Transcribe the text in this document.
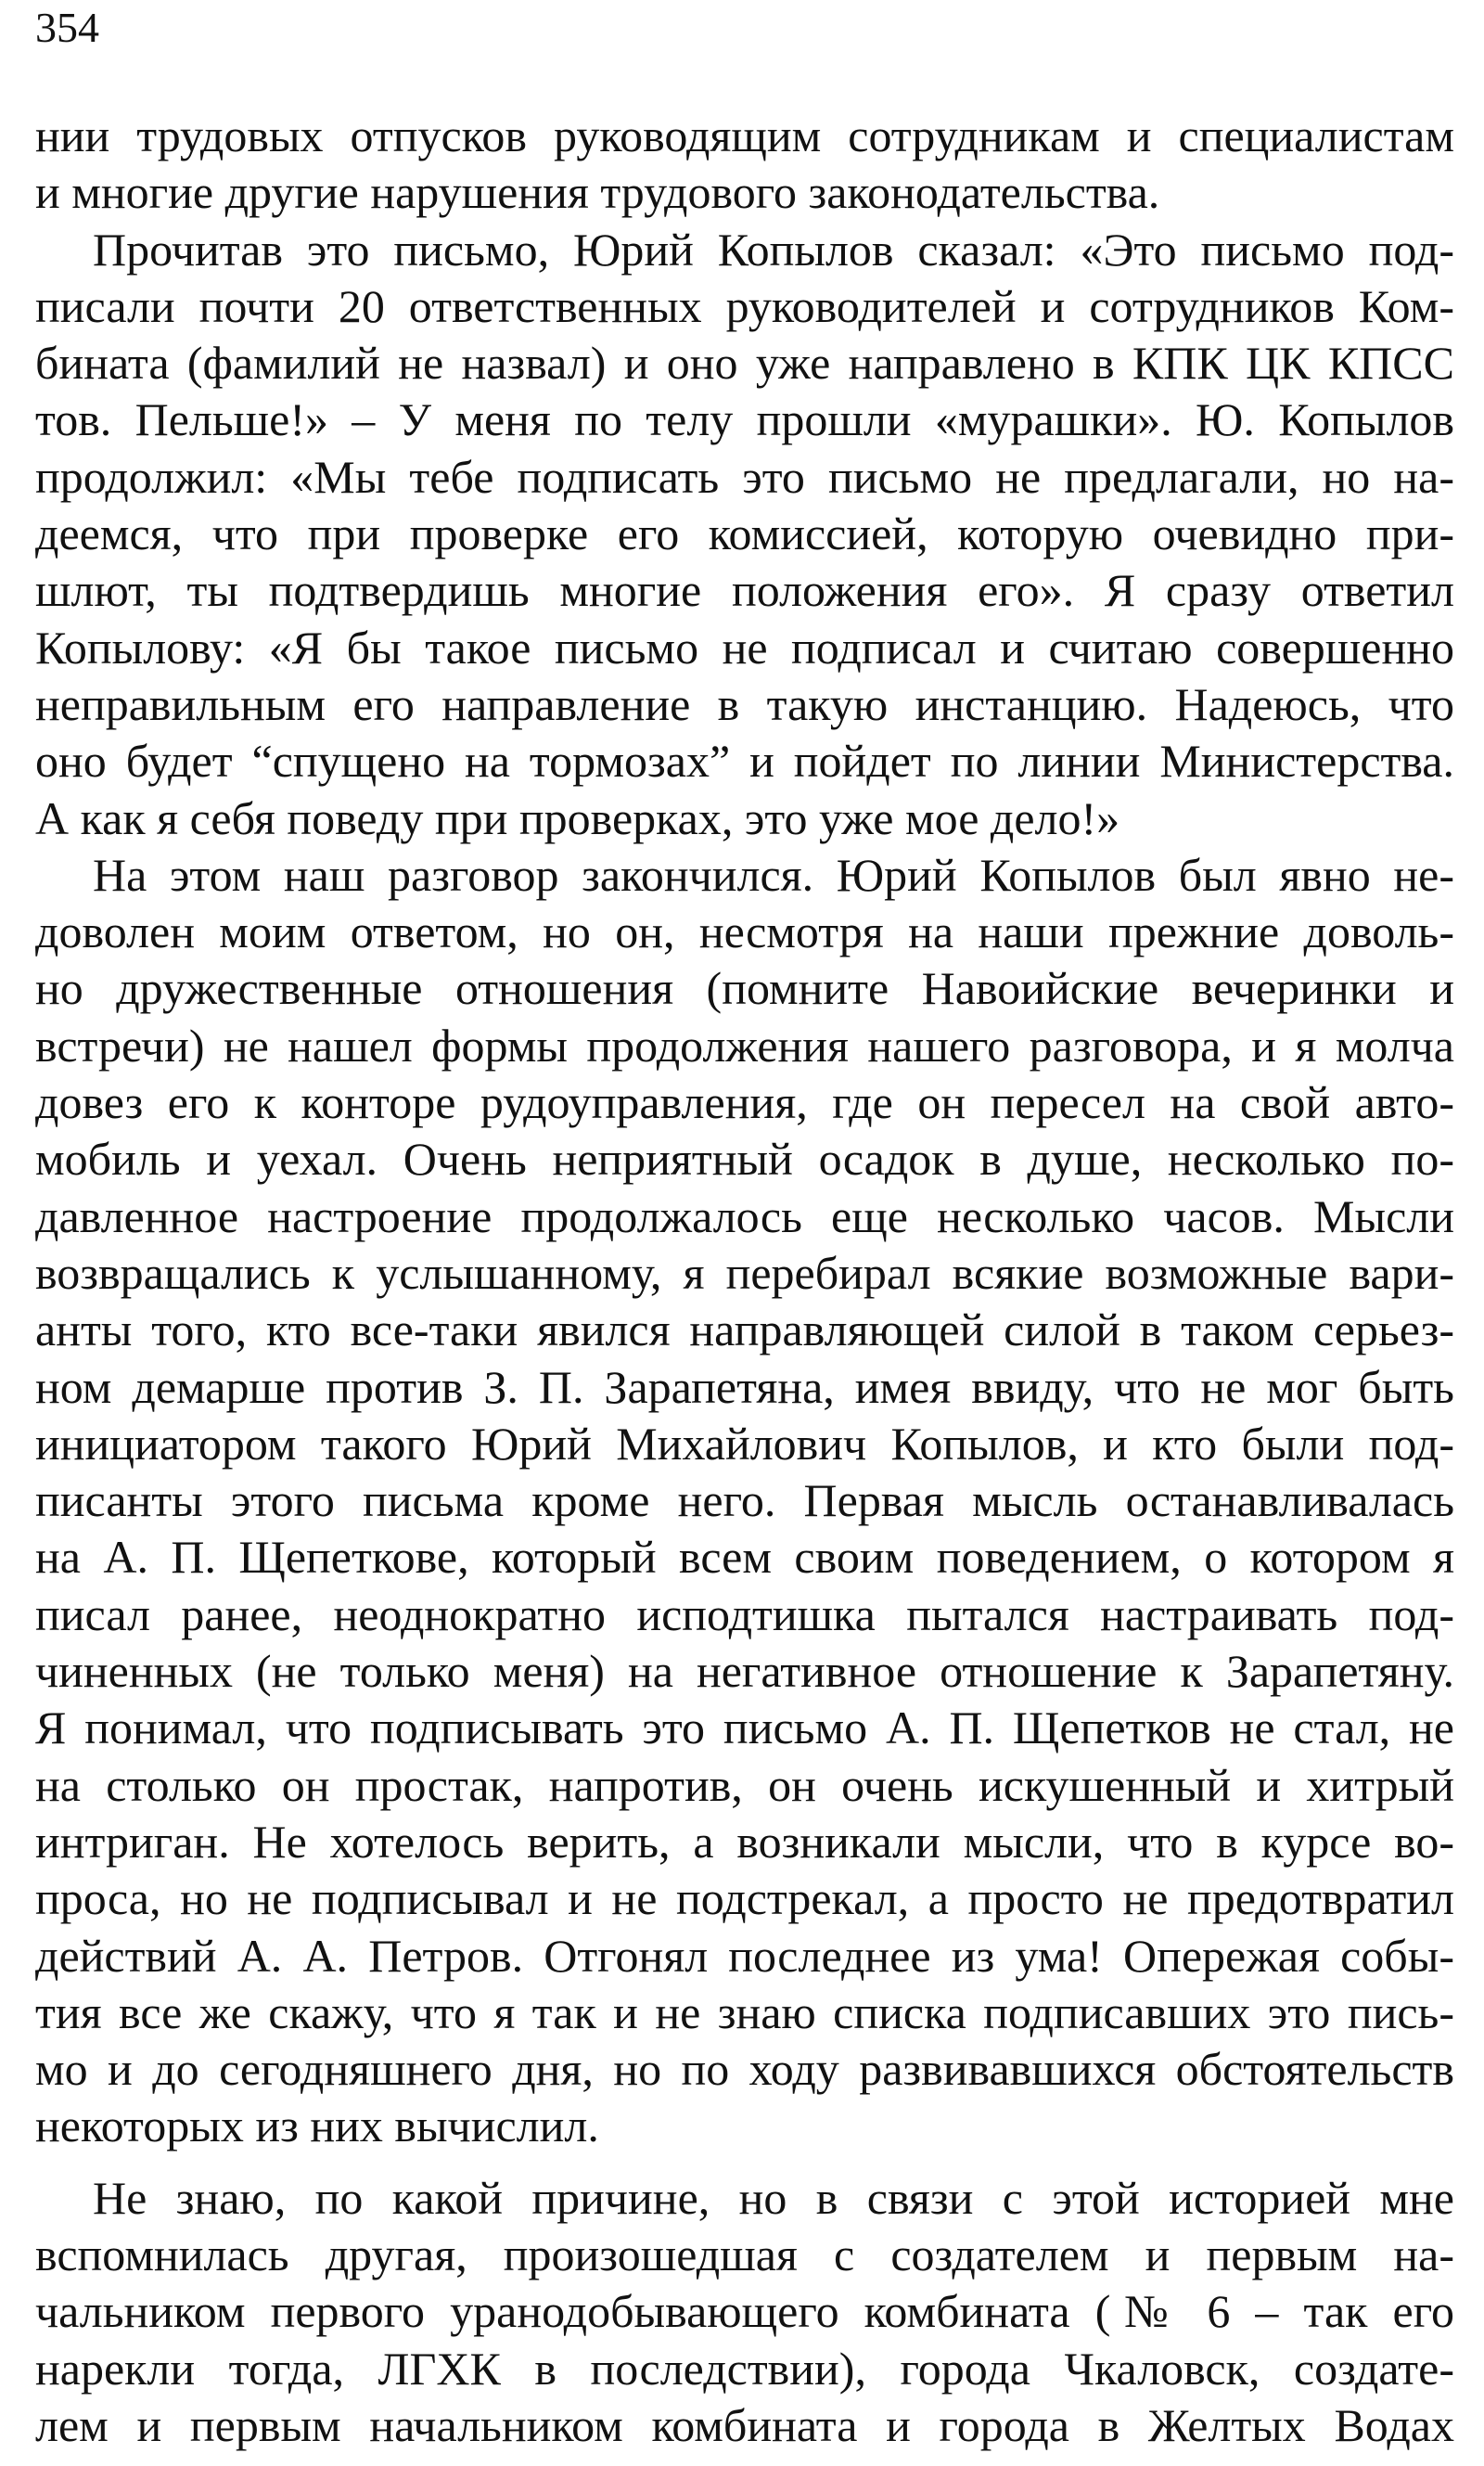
354
нии трудовых отпусков руководящим сотрудникам и специалистам
и многие другие нарушения трудового законодательства.
Прочитав это письмо, Юрий Копылов сказал: «Это письмо под-
писали почти 20 ответственных руководителей и сотрудников Ком-
бината (фамилий не назвал) и оно уже направлено в КПК ЦК КПСС
тов. Пельше!» – У меня по телу прошли «мурашки». Ю. Копылов
продолжил: «Мы тебе подписать это письмо не предлагали, но на-
деемся, что при проверке его комиссией, которую очевидно при-
шлют, ты подтвердишь многие положения его». Я сразу ответил
Копылову: «Я бы такое письмо не подписал и считаю совершенно
неправильным его направление в такую инстанцию. Надеюсь, что
оно будет “спущено на тормозах” и пойдет по линии Министерства.
А как я себя поведу при проверках, это уже мое дело!»
На этом наш разговор закончился. Юрий Копылов был явно не-
доволен моим ответом, но он, несмотря на наши прежние доволь-
но дружественные отношения (помните Навоийские вечеринки и
встречи) не нашел формы продолжения нашего разговора, и я молча
довез его к конторе рудоуправления, где он пересел на свой авто-
мобиль и уехал. Очень неприятный осадок в душе, несколько по-
давленное настроение продолжалось еще несколько часов. Мысли
возвращались к услышанному, я перебирал всякие возможные вари-
анты того, кто все-таки явился направляющей силой в таком серьез-
ном демарше против З. П. Зарапетяна, имея ввиду, что не мог быть
инициатором такого Юрий Михайлович Копылов, и кто были под-
писанты этого письма кроме него. Первая мысль останавливалась
на А. П. Щепеткове, который всем своим поведением, о котором я
писал ранее, неоднократно исподтишка пытался настраивать под-
чиненных (не только меня) на негативное отношение к Зарапетяну.
Я понимал, что подписывать это письмо А. П. Щепетков не стал, не
на столько он простак, напротив, он очень искушенный и хитрый
интриган. Не хотелось верить, а возникали мысли, что в курсе во-
проса, но не подписывал и не подстрекал, а просто не предотвратил
действий А. А. Петров. Отгонял последнее из ума! Опережая собы-
тия все же скажу, что я так и не знаю списка подписавших это пись-
мо и до сегодняшнего дня, но по ходу развивавшихся обстоятельств
некоторых из них вычислил.
Не знаю, по какой причине, но в связи с этой историей мне
вспомнилась другая, произошедшая с создателем и первым на-
чальником первого уранодобывающего комбината (№ 6 – так его
нарекли тогда, ЛГХК в последствии), города Чкаловск, создате-
лем и первым начальником комбината и города в Желтых Водах
